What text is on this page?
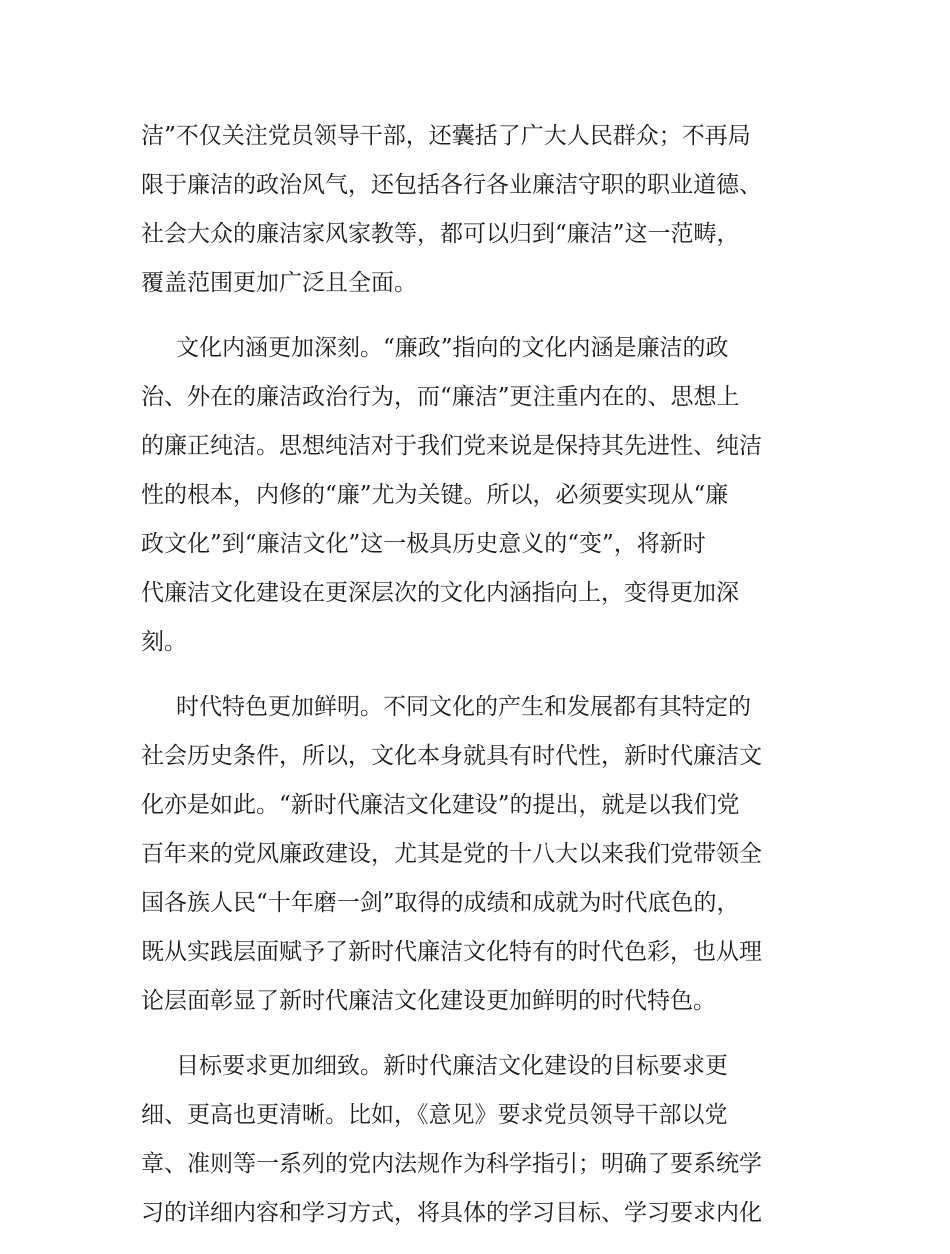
洁”不仅关注党员领导干部，还囊括了广大人民群众；不再局
限于廉洁的政治风气，还包括各行各业廉洁守职的职业道德、
社会大众的廉洁家风家教等，都可以归到“廉洁”这一范畴，
覆盖范围更加广泛且全面。
文化内涵更加深刻。“廉政”指向的文化内涵是廉洁的政
治、外在的廉洁政治行为，而“廉洁”更注重内在的、思想上
的廉正纯洁。思想纯洁对于我们党来说是保持其先进性、纯洁
性的根本，内修的“廉”尤为关键。所以，必须要实现从“廉
政文化”到“廉洁文化”这一极具历史意义的“变”，将新时
代廉洁文化建设在更深层次的文化内涵指向上，变得更加深
刻。
时代特色更加鲜明。不同文化的产生和发展都有其特定的
社会历史条件，所以，文化本身就具有时代性，新时代廉洁文
化亦是如此。“新时代廉洁文化建设”的提出，就是以我们党
百年来的党风廉政建设，尤其是党的十八大以来我们党带领全
国各族人民“十年磨一剑”取得的成绩和成就为时代底色的，
既从实践层面赋予了新时代廉洁文化特有的时代色彩，也从理
论层面彰显了新时代廉洁文化建设更加鲜明的时代特色。
目标要求更加细致。新时代廉洁文化建设的目标要求更
细、更高也更清晰。比如，《意见》要求党员领导干部以党
章、准则等一系列的党内法规作为科学指引；明确了要系统学
习的详细内容和学习方式，将具体的学习目标、学习要求内化
